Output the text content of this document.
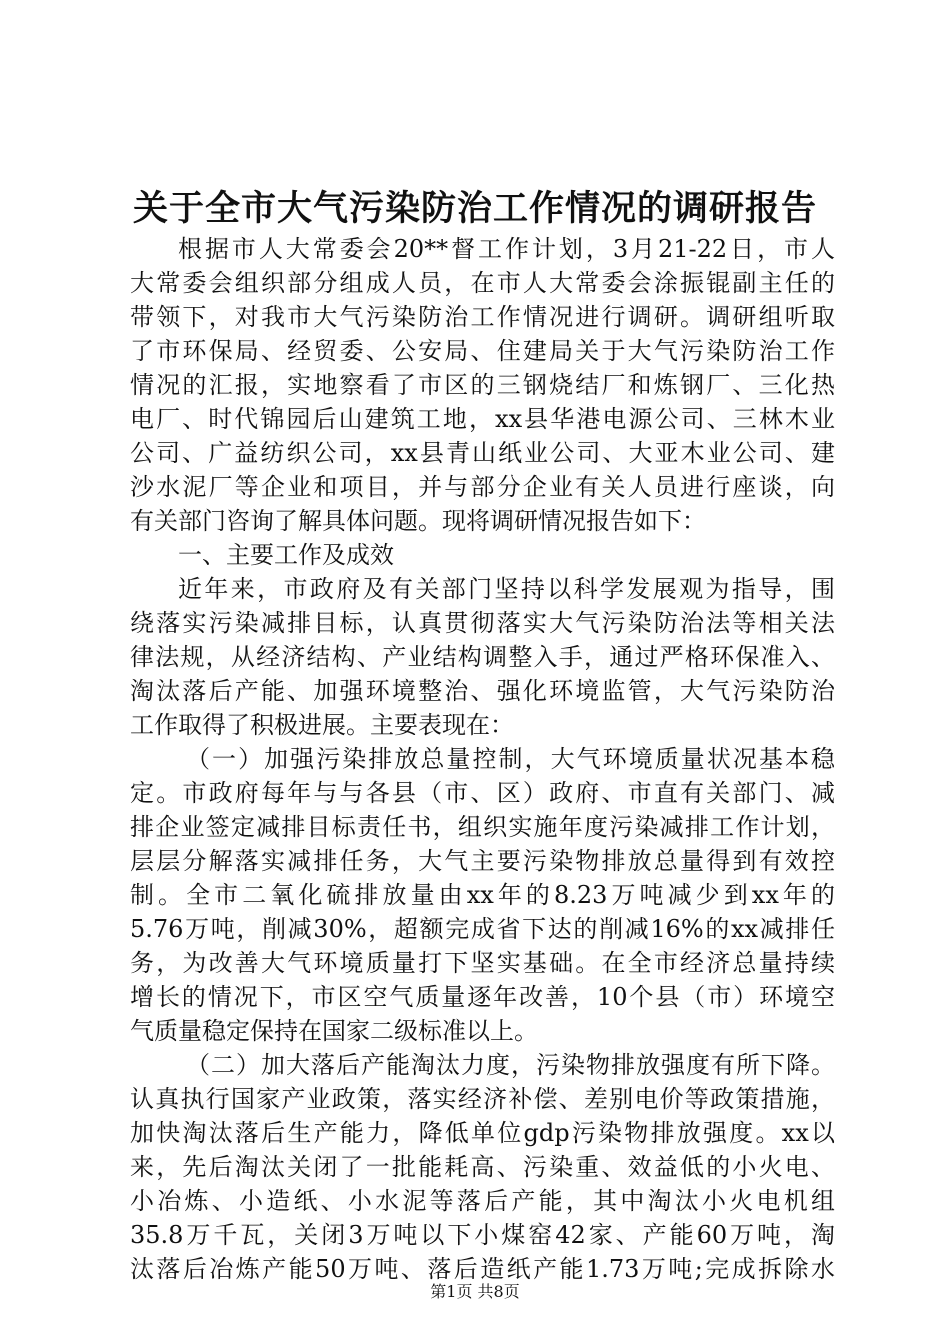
关于全市大气污染防治工作情况的调研报告
根据市人大常委会20**督工作计划，3月21-22日，市人
大常委会组织部分组成人员，在市人大常委会涂振锟副主任的
带领下，对我市大气污染防治工作情况进行调研。调研组听取
了市环保局、经贸委、公安局、住建局关于大气污染防治工作
情况的汇报，实地察看了市区的三钢烧结厂和炼钢厂、三化热
电厂、时代锦园后山建筑工地，xx县华港电源公司、三林木业
公司、广益纺织公司，xx县青山纸业公司、大亚木业公司、建
沙水泥厂等企业和项目，并与部分企业有关人员进行座谈，向
有关部门咨询了解具体问题。现将调研情况报告如下：
一、主要工作及成效
近年来，市政府及有关部门坚持以科学发展观为指导，围
绕落实污染减排目标，认真贯彻落实大气污染防治法等相关法
律法规，从经济结构、产业结构调整入手，通过严格环保准入、
淘汰落后产能、加强环境整治、强化环境监管，大气污染防治
工作取得了积极进展。主要表现在：
（一）加强污染排放总量控制，大气环境质量状况基本稳
定。市政府每年与与各县（市、区）政府、市直有关部门、减
排企业签定减排目标责任书，组织实施年度污染减排工作计划，
层层分解落实减排任务，大气主要污染物排放总量得到有效控
制。全市二氧化硫排放量由xx年的8.23万吨减少到xx年的
5.76万吨，削减30%，超额完成省下达的削减16%的xx减排任
务，为改善大气环境质量打下坚实基础。在全市经济总量持续
增长的情况下，市区空气质量逐年改善，10个县（市）环境空
气质量稳定保持在国家二级标准以上。
（二）加大落后产能淘汰力度，污染物排放强度有所下降。
认真执行国家产业政策，落实经济补偿、差别电价等政策措施，
加快淘汰落后生产能力，降低单位gdp污染物排放强度。xx以
来，先后淘汰关闭了一批能耗高、污染重、效益低的小火电、
小冶炼、小造纸、小水泥等落后产能，其中淘汰小火电机组
35.8万千瓦，关闭3万吨以下小煤窑42家、产能60万吨，淘
汰落后冶炼产能50万吨、落后造纸产能1.73万吨;完成拆除水
第1页 共8页
